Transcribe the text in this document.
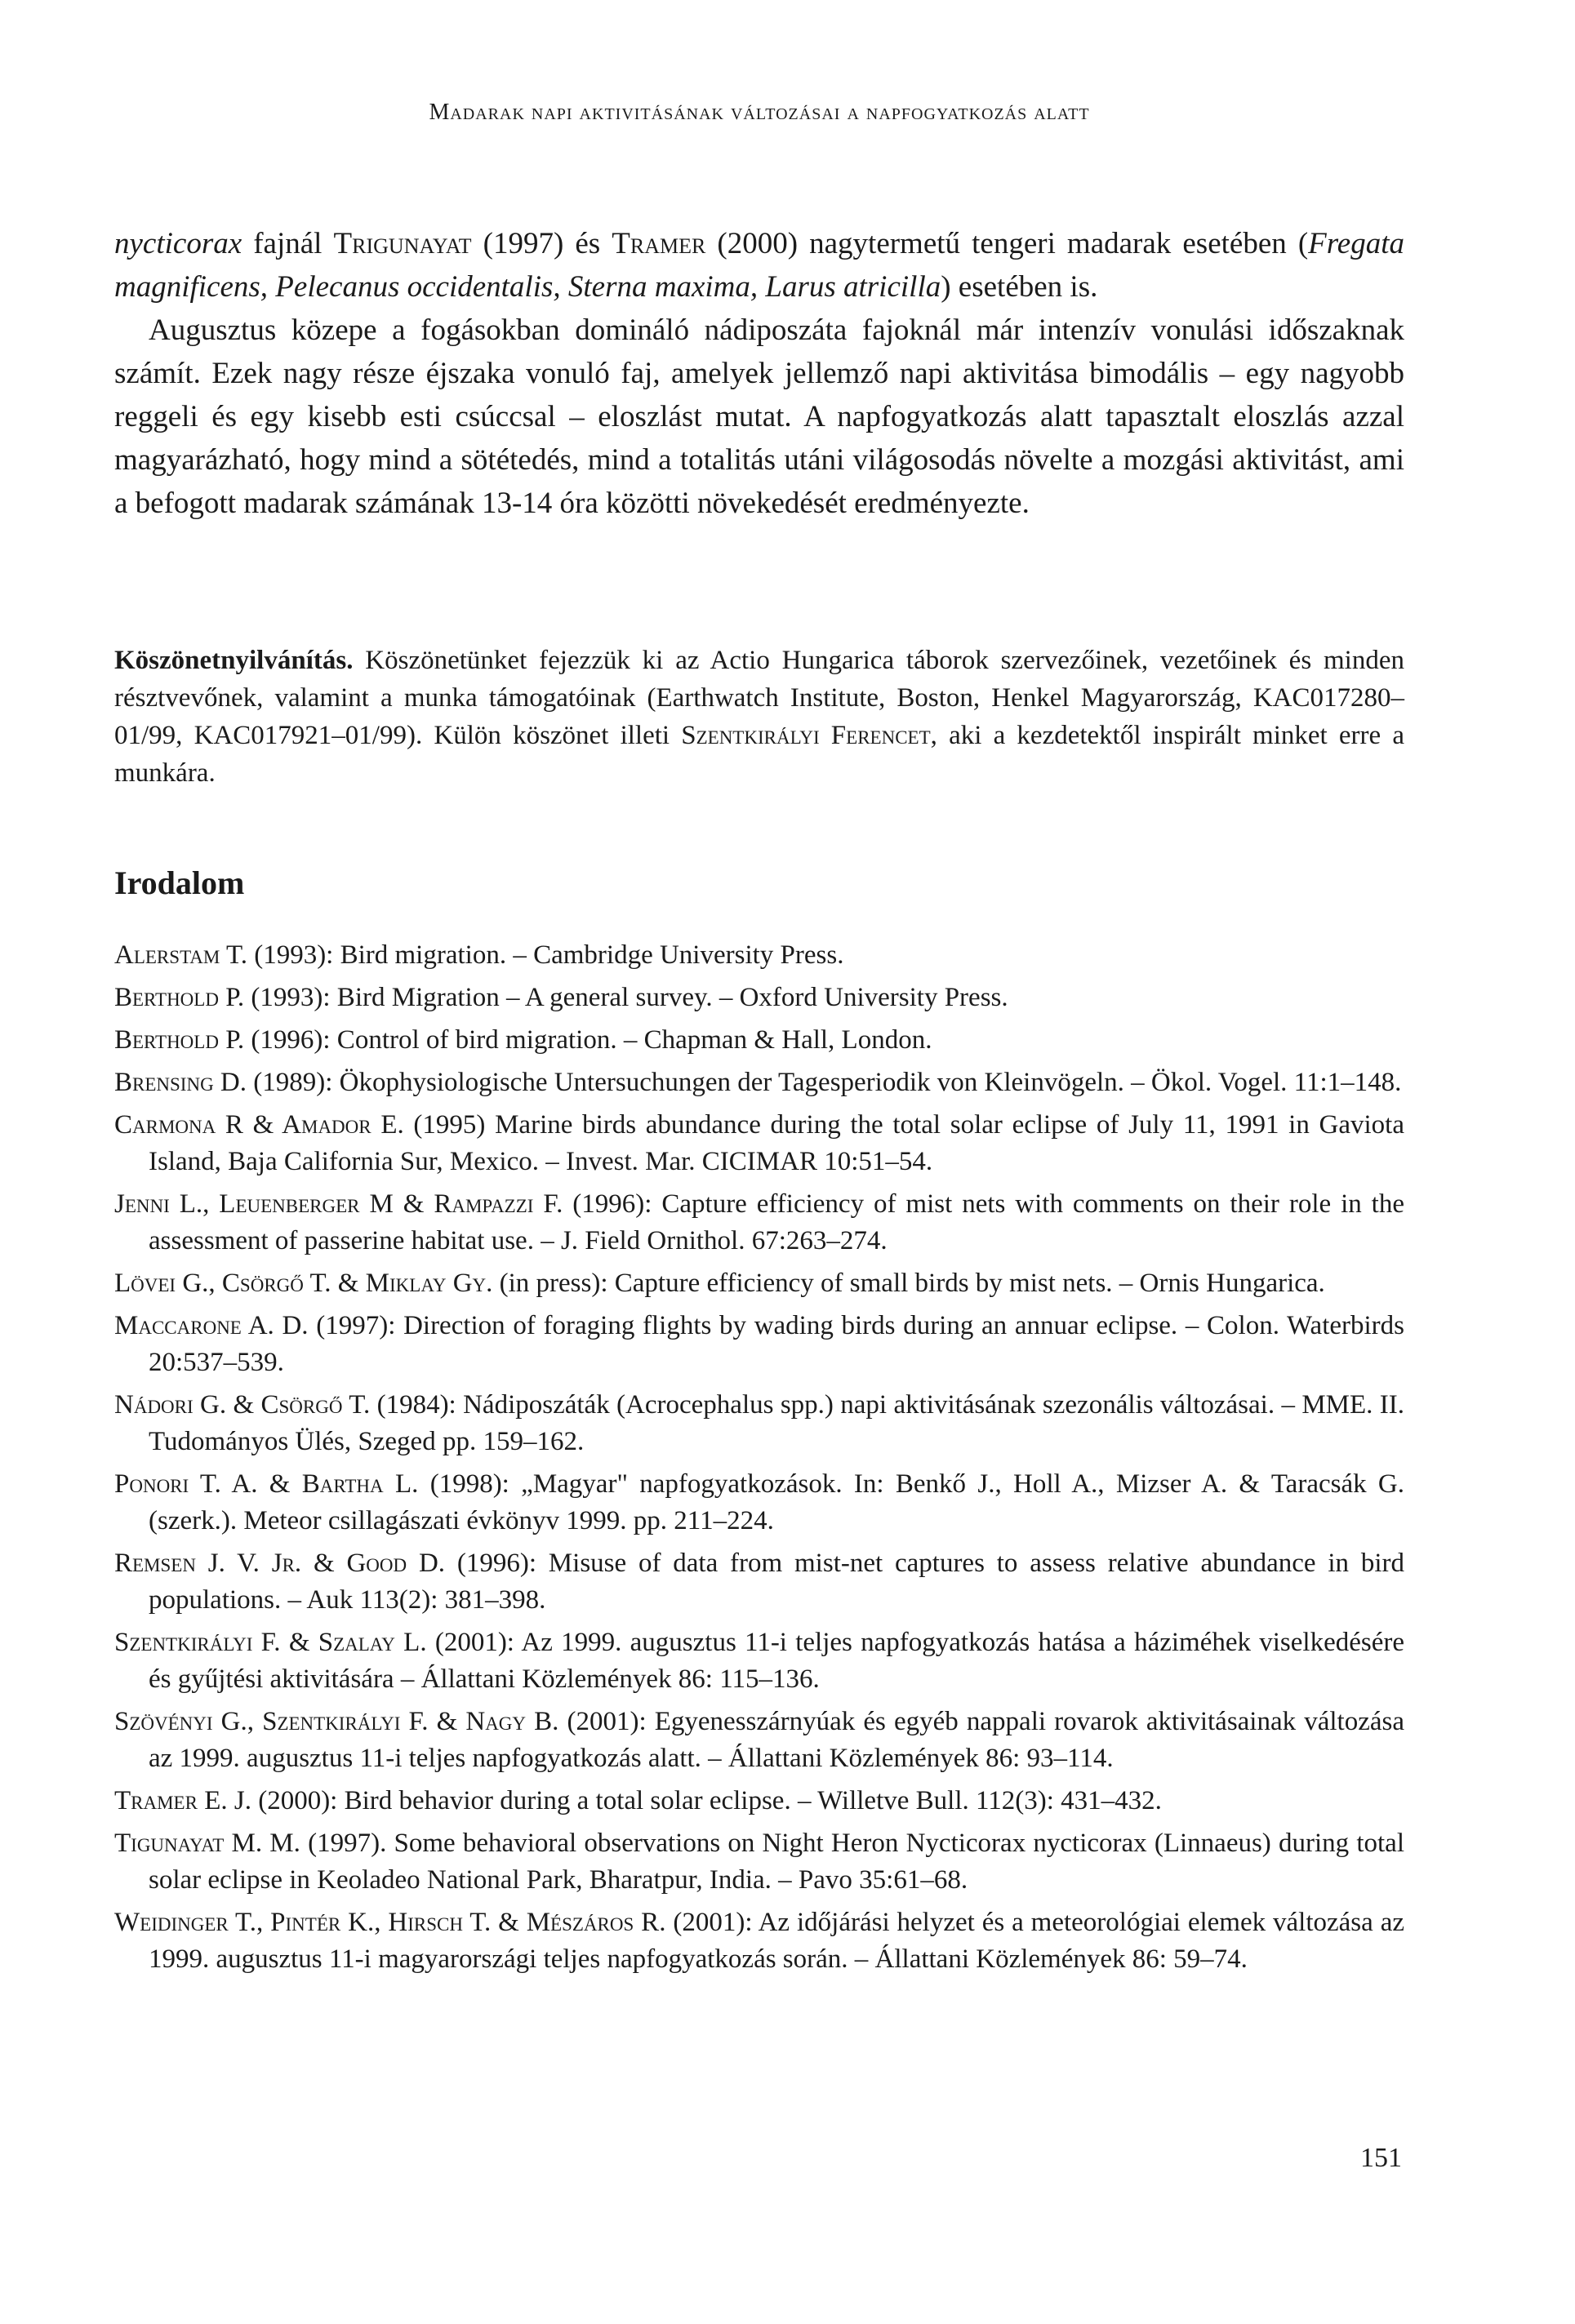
Madarak napi aktivitásának változásai a napfogyatkozás alatt

nycticorax fajnál Trigunayat (1997) és Tramer (2000) nagytermetű tengeri madarak esetében (Fregata magnificens, Pelecanus occidentalis, Sterna maxima, Larus atricilla) esetében is.

Augusztus közepe a fogásokban domináló nádiposzáta fajoknál már intenzív vonulási időszaknak számít. Ezek nagy része éjszaka vonuló faj, amelyek jellemző napi aktivitása bimodális – egy nagyobb reggeli és egy kisebb esti csúccsal – eloszlást mutat. A napfogyatkozás alatt tapasztalt eloszlás azzal magyarázható, hogy mind a sötétedés, mind a totalitás utáni világosodás növelte a mozgási aktivitást, ami a befogott madarak számának 13-14 óra közötti növekedését eredményezte.

Köszönetnyilvánítás. Köszönetünket fejezzük ki az Actio Hungarica táborok szervezőinek, vezetőinek és minden résztvevőnek, valamint a munka támogatóinak (Earthwatch Institute, Boston, Henkel Magyarország, KAC017280–01/99, KAC017921–01/99). Külön köszönet illeti Szentkirályi Ferencet, aki a kezdetektől inspirált minket erre a munkára.
Irodalom
Alerstam T. (1993): Bird migration. – Cambridge University Press.
Berthold P. (1993): Bird Migration – A general survey. – Oxford University Press.
Berthold P. (1996): Control of bird migration. – Chapman & Hall, London.
Brensing D. (1989): Ökophysiologische Untersuchungen der Tagesperiodik von Kleinvögeln. – Ökol. Vogel. 11:1–148.
Carmona R & Amador E. (1995) Marine birds abundance during the total solar eclipse of July 11, 1991 in Gaviota Island, Baja California Sur, Mexico. – Invest. Mar. CICIMAR 10:51–54.
Jenni L., Leuenberger M & Rampazzi F. (1996): Capture efficiency of mist nets with comments on their role in the assessment of passerine habitat use. – J. Field Ornithol. 67:263–274.
Lövei G., Csörgő T. & Miklay Gy. (in press): Capture efficiency of small birds by mist nets. – Ornis Hungarica.
Maccarone A. D. (1997): Direction of foraging flights by wading birds during an annuar eclipse. – Colon. Waterbirds 20:537–539.
Nádori G. & Csörgő T. (1984): Nádiposzáták (Acrocephalus spp.) napi aktivitásának szezonális változásai. – MME. II. Tudományos Ülés, Szeged pp. 159–162.
Ponori T. A. & Bartha L. (1998): „Magyar" napfogyatkozások. In: Benkő J., Holl A., Mizser A. & Taracsák G. (szerk.). Meteor csillagászati évkönyv 1999. pp. 211–224.
Remsen J. V. Jr. & Good D. (1996): Misuse of data from mist-net captures to assess relative abundance in bird populations. – Auk 113(2): 381–398.
Szentkirályi F. & Szalay L. (2001): Az 1999. augusztus 11-i teljes napfogyatkozás hatása a háziméhek viselkedésére és gyűjtési aktivitására – Állattani Közlemények 86: 115–136.
Szövényi G., Szentkirályi F. & Nagy B. (2001): Egyenesszárnyúak és egyéb nappali rovarok aktivitásainak változása az 1999. augusztus 11-i teljes napfogyatkozás alatt. – Állattani Közlemények 86: 93–114.
Tramer E. J. (2000): Bird behavior during a total solar eclipse. – Willetve Bull. 112(3): 431–432.
Tigunayat M. M. (1997). Some behavioral observations on Night Heron Nycticorax nycticorax (Linnaeus) during total solar eclipse in Keoladeo National Park, Bharatpur, India. – Pavo 35:61–68.
Weidinger T., Pintér K., Hirsch T. & Mészáros R. (2001): Az időjárási helyzet és a meteorológiai elemek változása az 1999. augusztus 11-i magyarországi teljes napfogyatkozás során. – Állattani Közlemények 86: 59–74.
151
